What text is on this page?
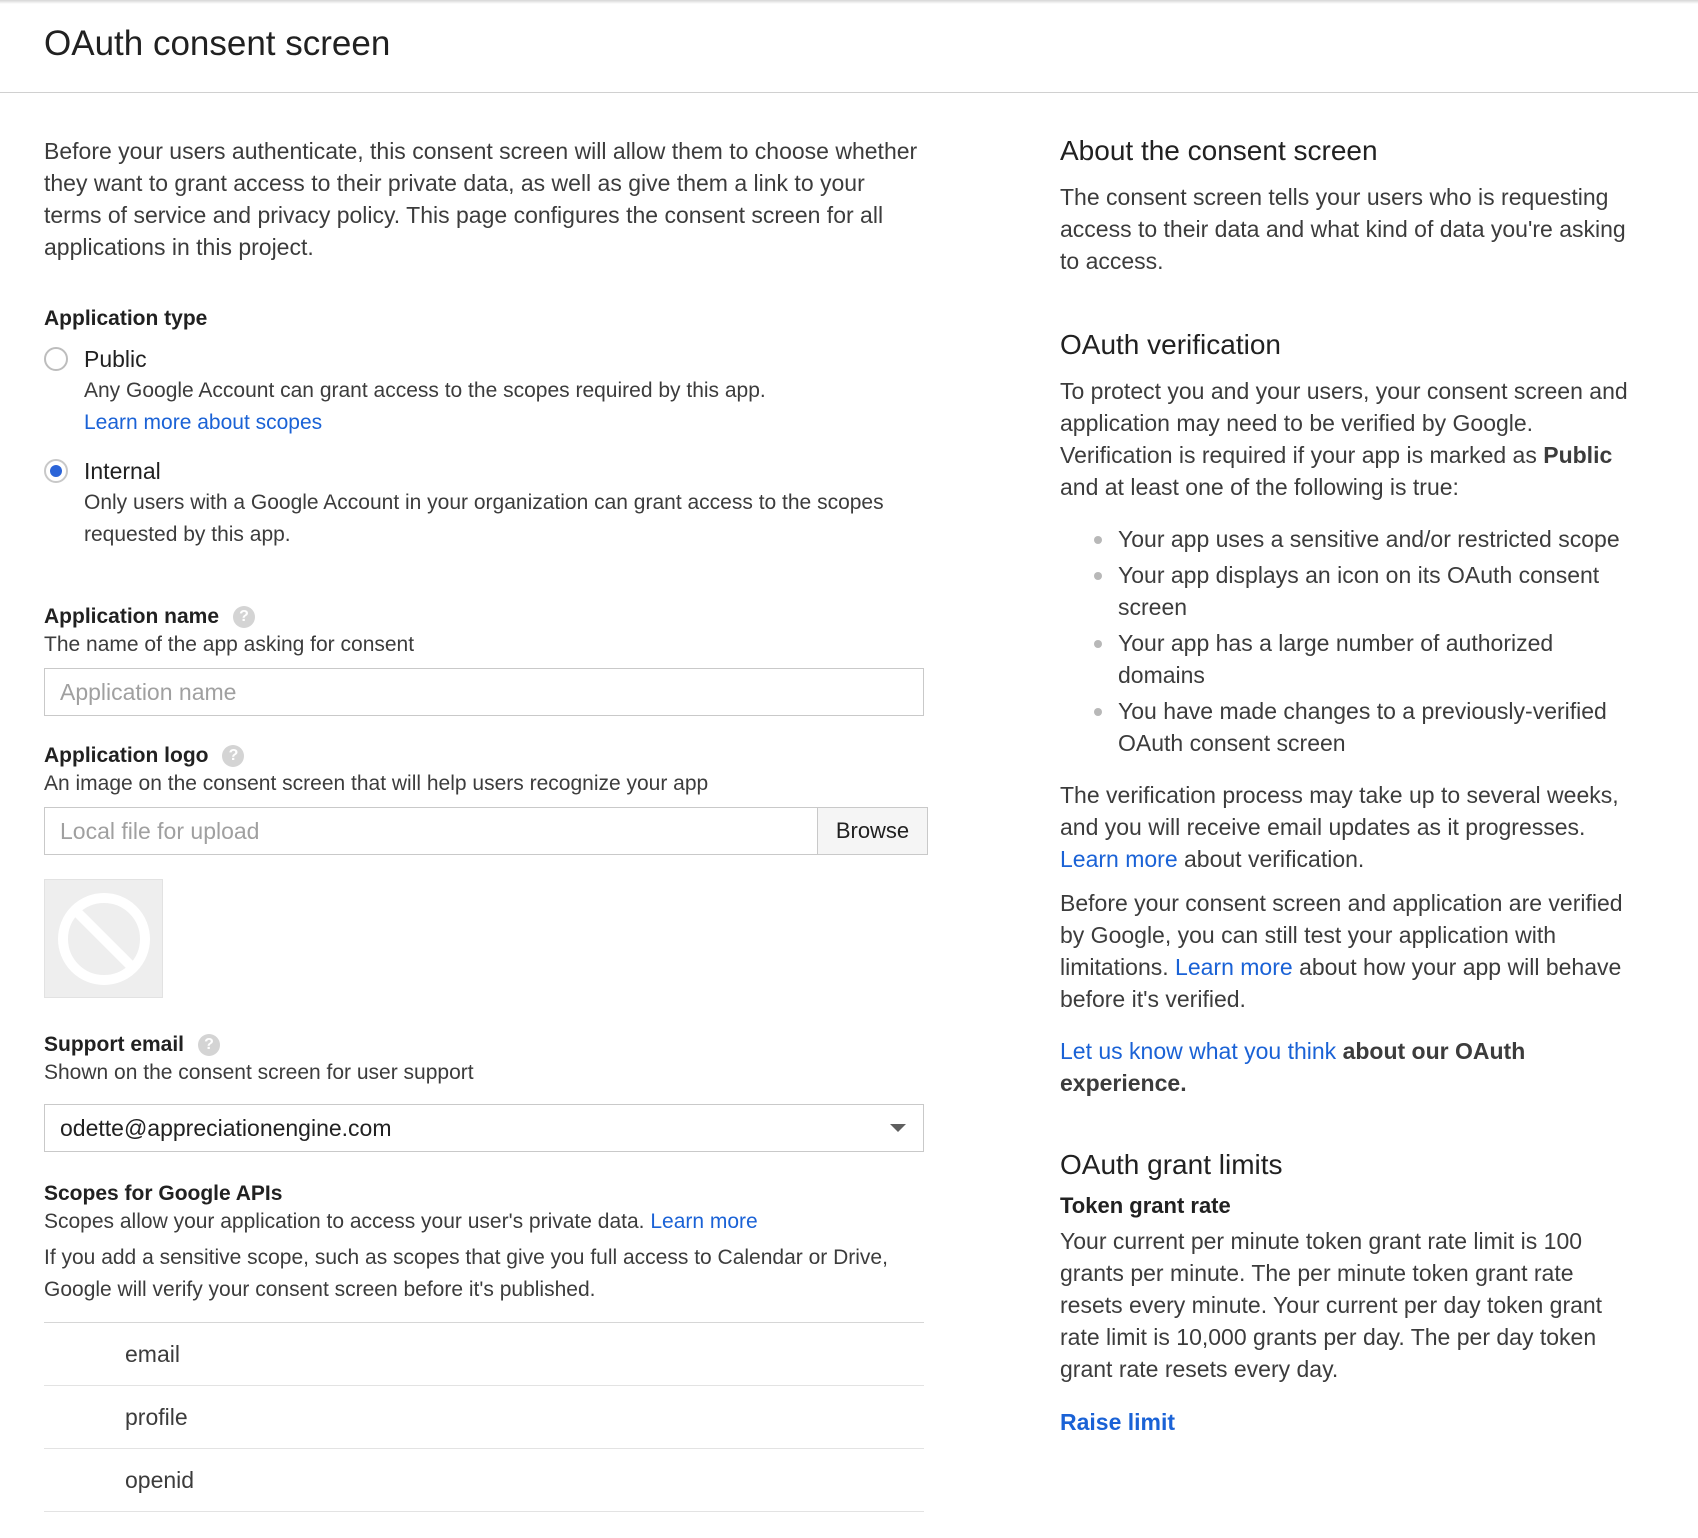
OAuth consent screen

Before your users authenticate, this consent screen will allow them to choose whether they want to grant access to their private data, as well as give them a link to your terms of service and privacy policy. This page configures the consent screen for all applications in this project.

Application type

Public
Any Google Account can grant access to the scopes required by this app.
Learn more about scopes
Internal
Only users with a Google Account in your organization can grant access to the scopes requested by this app.

Application name ?

The name of the app asking for consent
Application name

Application logo ?

An image on the consent screen that will help users recognize your app
Local file for upload
Browse

Support email ?

Shown on the consent screen for user support
odette@appreciationengine.com

Scopes for Google APIs

Scopes allow your application to access your user's private data. Learn more
If you add a sensitive scope, such as scopes that give you full access to Calendar or Drive, Google will verify your consent screen before it's published.
email
profile
openid
About the consent screen

The consent screen tells your users who is requesting access to their data and what kind of data you're asking to access.

OAuth verification

To protect you and your users, your consent screen and application may need to be verified by Google. Verification is required if your app is marked as Public and at least one of the following is true:

Your app uses a sensitive and/or restricted scope
Your app displays an icon on its OAuth consent screen
Your app has a large number of authorized domains
You have made changes to a previously-verified OAuth consent screen

The verification process may take up to several weeks, and you will receive email updates as it progresses. Learn more about verification.

Before your consent screen and application are verified by Google, you can still test your application with limitations. Learn more about how your app will behave before it's verified.

Let us know what you think about our OAuth experience.

OAuth grant limits

Token grant rate

Your current per minute token grant rate limit is 100 grants per minute. The per minute token grant rate resets every minute. Your current per day token grant rate limit is 10,000 grants per day. The per day token grant rate resets every day.

Raise limit
